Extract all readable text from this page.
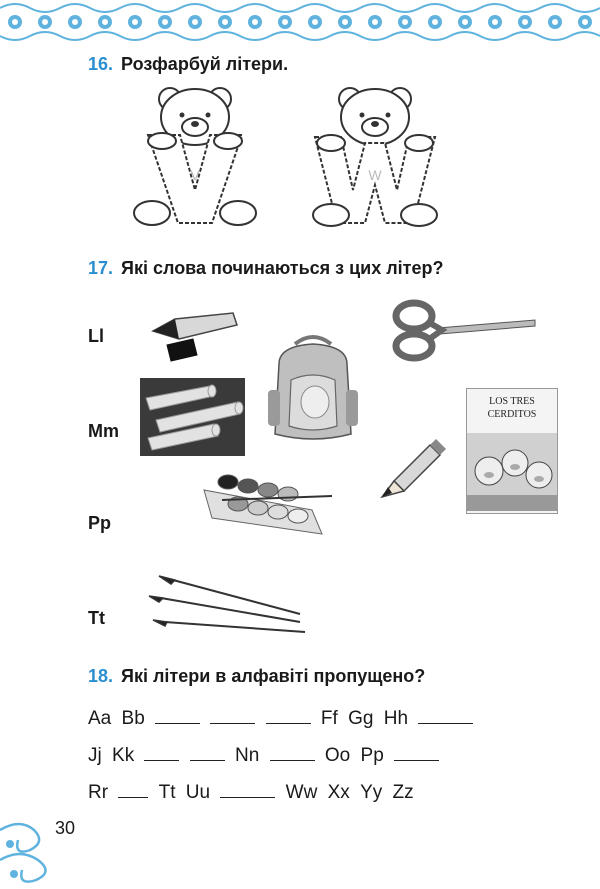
16. Розфарбуй літери.
V	W
17. Які слова починаються з цих літер?
Ll
Mm
Pp
Tt
LOS TRES
CERDITOS
18. Які літери в алфавіті пропущено?
Aa Bb	Ff Gg Hh
Jj Kk	Nn	Oo Pp
Rr	Tt Uu	Ww Xx Yy Zz
30
